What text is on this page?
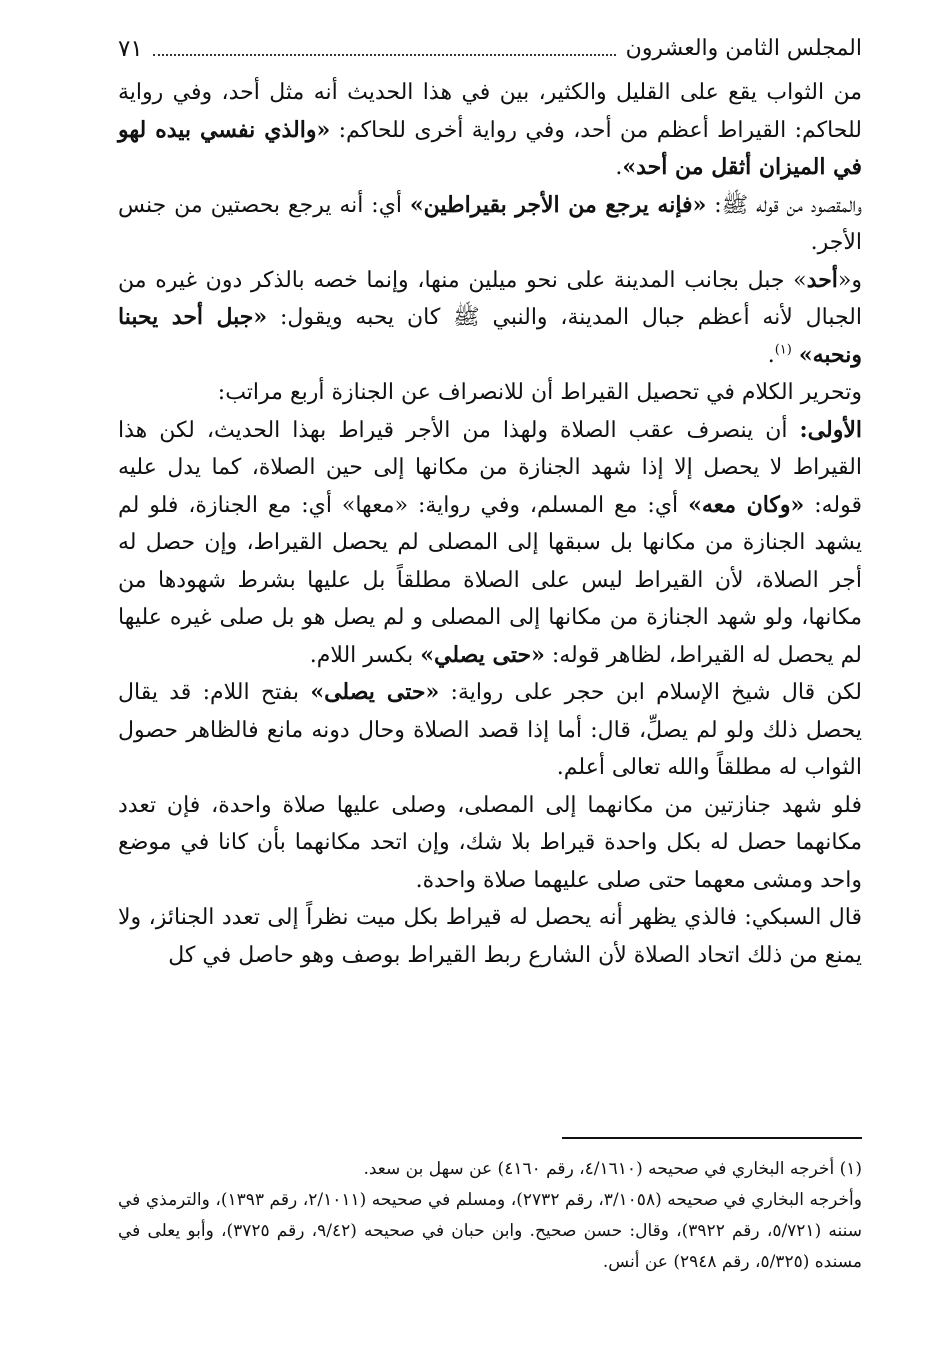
المجلس الثامن والعشرون
٧١

من الثواب يقع على القليل والكثير، بين في هذا الحديث أنه مثل أحد، وفي رواية للحاكم: القيراط أعظم من أحد، وفي رواية أخرى للحاكم: «والذي نفسي بيده لهو في الميزان أثقل من أحد».

والمقصود من قوله ﷺ: «فإنه يرجع من الأجر بقيراطين» أي: أنه يرجع بحصتين من جنس الأجر.

و«أحد» جبل بجانب المدينة على نحو ميلين منها، وإنما خصه بالذكر دون غيره من الجبال لأنه أعظم جبال المدينة، والنبي ﷺ كان يحبه ويقول: «جبل أحد يحبنا ونحبه» $^{(١)}$.

وتحرير الكلام في تحصيل القيراط أن للانصراف عن الجنازة أربع مراتب:

الأولى: أن ينصرف عقب الصلاة ولهذا من الأجر قيراط بهذا الحديث، لكن هذا القيراط لا يحصل إلا إذا شهد الجنازة من مكانها إلى حين الصلاة، كما يدل عليه قوله: «وكان معه» أي: مع المسلم، وفي رواية: «معها» أي: مع الجنازة، فلو لم يشهد الجنازة من مكانها بل سبقها إلى المصلى لم يحصل القيراط، وإن حصل له أجر الصلاة، لأن القيراط ليس على الصلاة مطلقاً بل عليها بشرط شهودها من مكانها، ولو شهد الجنازة من مكانها إلى المصلى و لم يصل هو بل صلى غيره عليها لم يحصل له القيراط، لظاهر قوله: «حتى يصلي» بكسر اللام.

لكن قال شيخ الإسلام ابن حجر على رواية: «حتى يصلى» بفتح اللام: قد يقال يحصل ذلك ولو لم يصلِّ، قال: أما إذا قصد الصلاة وحال دونه مانع فالظاهر حصول الثواب له مطلقاً والله تعالى أعلم.

فلو شهد جنازتين من مكانهما إلى المصلى، وصلى عليها صلاة واحدة، فإن تعدد مكانهما حصل له بكل واحدة قيراط بلا شك، وإن اتحد مكانهما بأن كانا في موضع واحد ومشى معهما حتى صلى عليهما صلاة واحدة.

قال السبكي: فالذي يظهر أنه يحصل له قيراط بكل ميت نظراً إلى تعدد الجنائز، ولا يمنع من ذلك اتحاد الصلاة لأن الشارع ربط القيراط بوصف وهو حاصل في كل

(١) أخرجه البخاري في صحيحه (٤/١٦١٠، رقم ٤١٦٠) عن سهل بن سعد.

وأخرجه البخاري في صحيحه (٣/١٠٥٨، رقم ٢٧٣٢)، ومسلم في صحيحه (٢/١٠١١، رقم ١٣٩٣)، والترمذي في سننه (٥/٧٢١، رقم ٣٩٢٢)، وقال: حسن صحيح. وابن حبان في صحيحه (٩/٤٢، رقم ٣٧٢٥)، وأبو يعلى في مسنده (٥/٣٢٥، رقم ٢٩٤٨) عن أنس.
